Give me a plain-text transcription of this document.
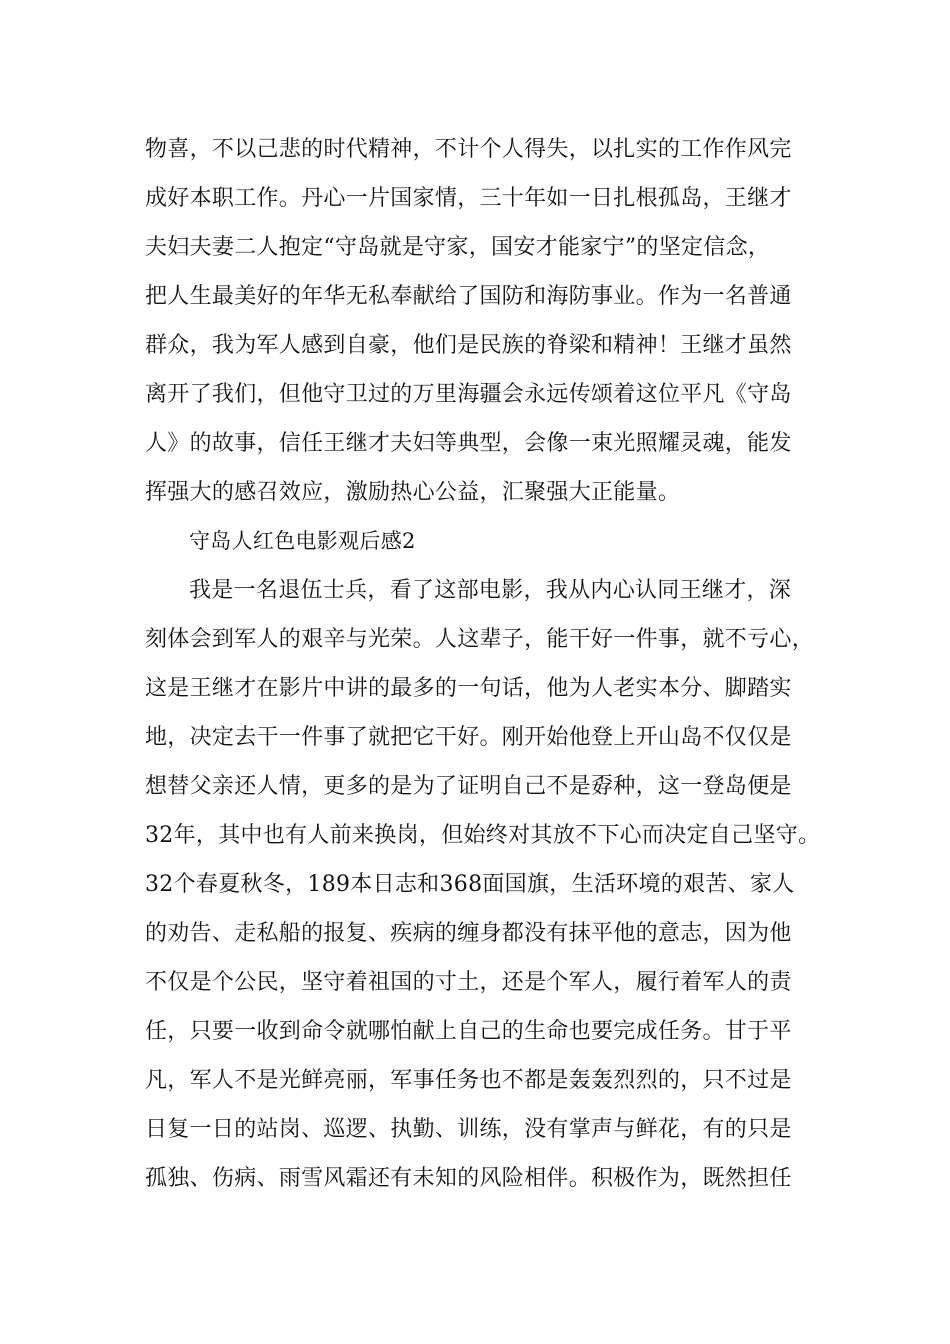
物喜，不以己悲的时代精神，不计个人得失，以扎实的工作作风完
成好本职工作。丹心一片国家情，三十年如一日扎根孤岛，王继才
夫妇夫妻二人抱定“守岛就是守家，国安才能家宁”的坚定信念，
把人生最美好的年华无私奉献给了国防和海防事业。作为一名普通
群众，我为军人感到自豪，他们是民族的脊梁和精神！王继才虽然
离开了我们，但他守卫过的万里海疆会永远传颂着这位平凡《守岛
人》的故事，信任王继才夫妇等典型，会像一束光照耀灵魂，能发
挥强大的感召效应，激励热心公益，汇聚强大正能量。
守岛人红色电影观后感2
我是一名退伍士兵，看了这部电影，我从内心认同王继才，深
刻体会到军人的艰辛与光荣。人这辈子，能干好一件事，就不亏心，
这是王继才在影片中讲的最多的一句话，他为人老实本分、脚踏实
地，决定去干一件事了就把它干好。刚开始他登上开山岛不仅仅是
想替父亲还人情，更多的是为了证明自己不是孬种，这一登岛便是
32年，其中也有人前来换岗，但始终对其放不下心而决定自己坚守。
32个春夏秋冬，189本日志和368面国旗，生活环境的艰苦、家人
的劝告、走私船的报复、疾病的缠身都没有抹平他的意志，因为他
不仅是个公民，坚守着祖国的寸土，还是个军人，履行着军人的责
任，只要一收到命令就哪怕献上自己的生命也要完成任务。甘于平
凡，军人不是光鲜亮丽，军事任务也不都是轰轰烈烈的，只不过是
日复一日的站岗、巡逻、执勤、训练，没有掌声与鲜花，有的只是
孤独、伤病、雨雪风霜还有未知的风险相伴。积极作为，既然担任
